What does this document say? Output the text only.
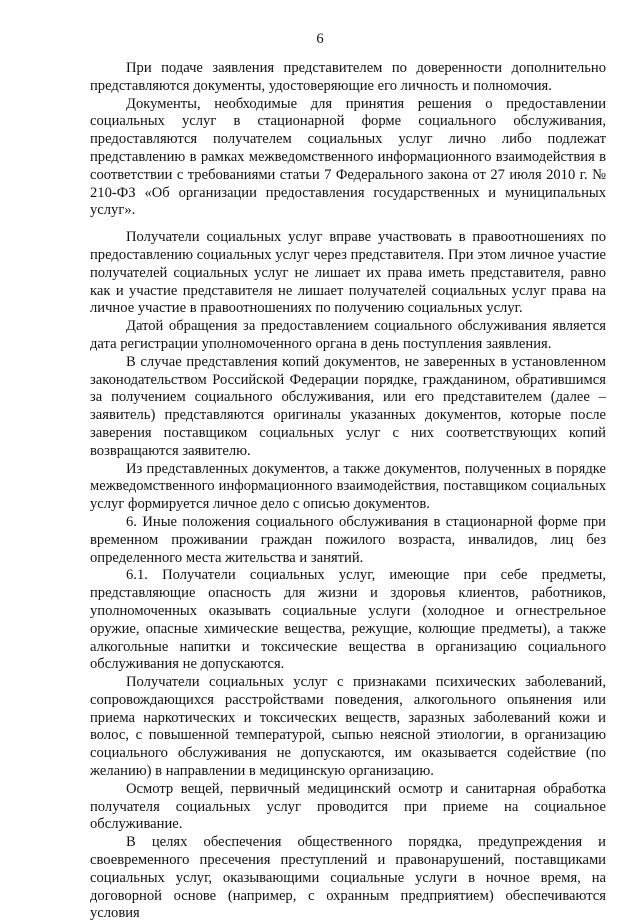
6

При подаче заявления представителем по доверенности дополнительно представляются документы, удостоверяющие его личность и полномочия.

Документы, необходимые для принятия решения о предоставлении социальных услуг в стационарной форме социального обслуживания, предоставляются получателем социальных услуг лично либо подлежат представлению в рамках межведомственного информационного взаимодействия в соответствии с требованиями статьи 7 Федерального закона от 27 июля 2010 г. № 210-ФЗ «Об организации предоставления государственных и муниципальных услуг».

Получатели социальных услуг вправе участвовать в правоотношениях по предоставлению социальных услуг через представителя. При этом личное участие получателей социальных услуг не лишает их права иметь представителя, равно как и участие представителя не лишает получателей социальных услуг права на личное участие в правоотношениях по получению социальных услуг.

Датой обращения за предоставлением социального обслуживания является дата регистрации уполномоченного органа в день поступления заявления.

В случае представления копий документов, не заверенных в установленном законодательством Российской Федерации порядке, гражданином, обратившимся за получением социального обслуживания, или его представителем (далее – заявитель) представляются оригиналы указанных документов, которые после заверения поставщиком социальных услуг с них соответствующих копий возвращаются заявителю.

Из представленных документов, а также документов, полученных в порядке межведомственного информационного взаимодействия, поставщиком социальных услуг формируется личное дело с описью документов.

6. Иные положения социального обслуживания в стационарной форме при временном проживании граждан пожилого возраста, инвалидов, лиц без определенного места жительства и занятий.

6.1. Получатели социальных услуг, имеющие при себе предметы, представляющие опасность для жизни и здоровья клиентов, работников, уполномоченных оказывать социальные услуги (холодное и огнестрельное оружие, опасные химические вещества, режущие, колющие предметы), а также алкогольные напитки и токсические вещества в организацию социального обслуживания не допускаются.

Получатели социальных услуг с признаками психических заболеваний, сопровождающихся расстройствами поведения, алкогольного опьянения или приема наркотических и токсических веществ, заразных заболеваний кожи и волос, с повышенной температурой, сыпью неясной этиологии, в организацию социального обслуживания не допускаются, им оказывается содействие (по желанию) в направлении в медицинскую организацию.

Осмотр вещей, первичный медицинский осмотр и санитарная обработка получателя социальных услуг проводится при приеме на социальное обслуживание.

В целях обеспечения общественного порядка, предупреждения и своевременного пресечения преступлений и правонарушений, поставщиками социальных услуг, оказывающими социальные услуги в ночное время, на договорной основе (например, с охранным предприятием) обеспечиваются условия
